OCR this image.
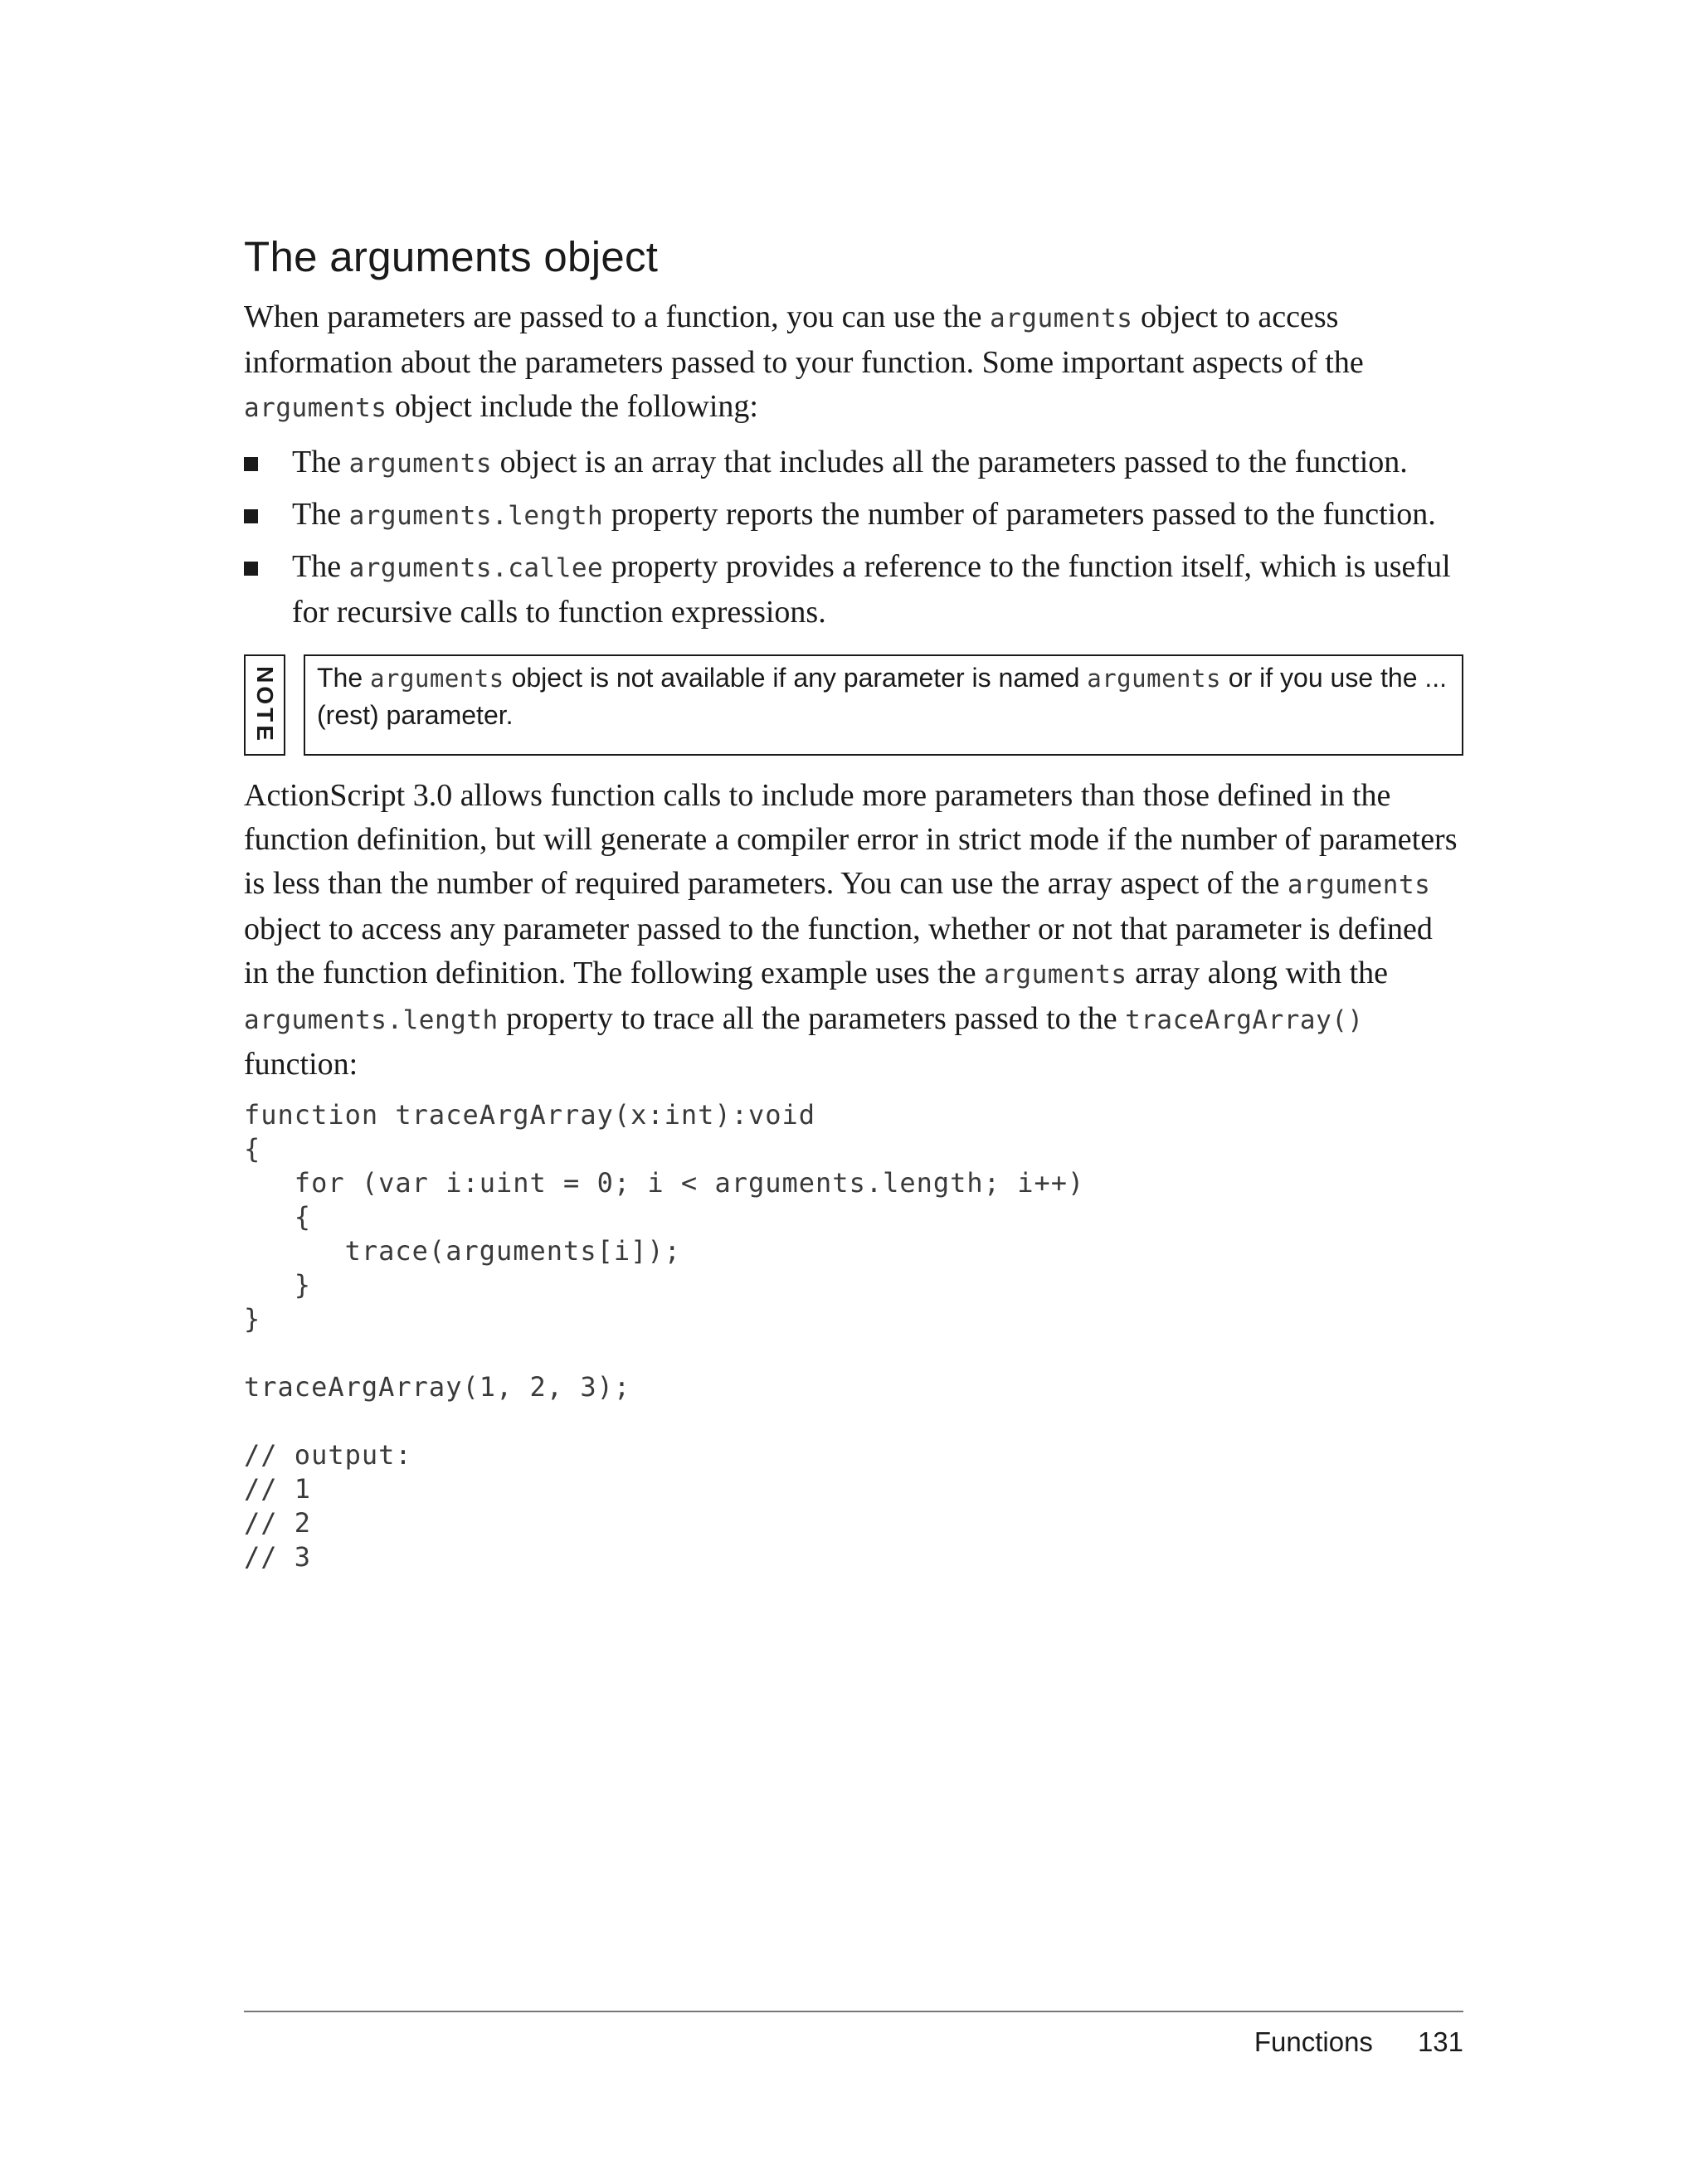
The arguments object

When parameters are passed to a function, you can use the arguments object to access information about the parameters passed to your function. Some important aspects of the arguments object include the following:

The arguments object is an array that includes all the parameters passed to the function.
The arguments.length property reports the number of parameters passed to the function.
The arguments.callee property provides a reference to the function itself, which is useful for recursive calls to function expressions.
NOTE	The arguments object is not available if any parameter is named arguments or if you use the ... (rest) parameter.

ActionScript 3.0 allows function calls to include more parameters than those defined in the function definition, but will generate a compiler error in strict mode if the number of parameters is less than the number of required parameters. You can use the array aspect of the arguments object to access any parameter passed to the function, whether or not that parameter is defined in the function definition. The following example uses the arguments array along with the arguments.length property to trace all the parameters passed to the traceArgArray() function:

function traceArgArray(x:int):void
{
for (var i:uint = 0; i < arguments.length; i++)
{
trace(arguments[i]);
}
}

traceArgArray(1, 2, 3);

// output:
// 1
// 2
// 3
Functions 131
